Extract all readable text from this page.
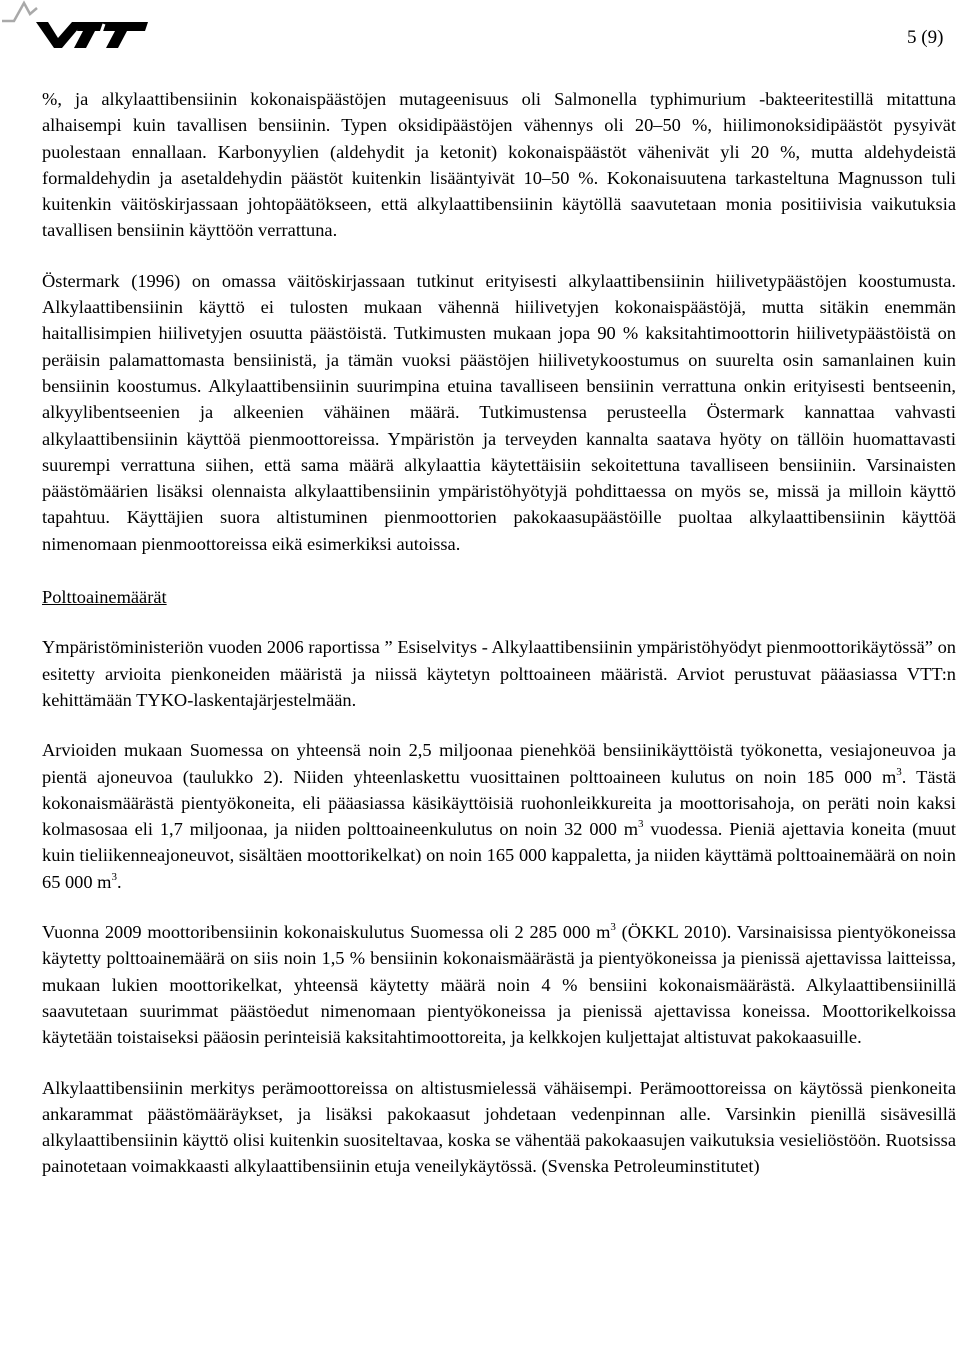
5 (9)

%, ja alkylaattibensiinin kokonaispäästöjen mutageenisuus oli Salmonella typhimurium -bakteeritestillä mitattuna alhaisempi kuin tavallisen bensiinin. Typen oksidipäästöjen vähennys oli 20–50 %, hiilimonoksidipäästöt pysyivät puolestaan ennallaan. Karbonyylien (aldehydit ja ketonit) kokonaispäästöt vähenivät yli 20 %, mutta aldehydeistä formaldehydin ja asetaldehydin päästöt kuitenkin lisääntyivät 10–50 %. Kokonaisuutena tarkasteltuna Magnusson tuli kuitenkin väitöskirjassaan johtopäätökseen, että alkylaattibensiinin käytöllä saavutetaan monia positiivisia vaikutuksia tavallisen bensiinin käyttöön verrattuna.

Östermark (1996) on omassa väitöskirjassaan tutkinut erityisesti alkylaattibensiinin hiilivetypäästöjen koostumusta. Alkylaattibensiinin käyttö ei tulosten mukaan vähennä hiilivetyjen kokonaispäästöjä, mutta sitäkin enemmän haitallisimpien hiilivetyjen osuutta päästöistä. Tutkimusten mukaan jopa 90 % kaksitahtimoottorin hiilivetypäästöistä on peräisin palamattomasta bensiinistä, ja tämän vuoksi päästöjen hiilivetykoostumus on suurelta osin samanlainen kuin bensiinin koostumus. Alkylaattibensiinin suurimpina etuina tavalliseen bensiinin verrattuna onkin erityisesti bentseenin, alkyylibentseenien ja alkeenien vähäinen määrä. Tutkimustensa perusteella Östermark kannattaa vahvasti alkylaattibensiinin käyttöä pienmoottoreissa. Ympäristön ja terveyden kannalta saatava hyöty on tällöin huomattavasti suurempi verrattuna siihen, että sama määrä alkylaattia käytettäisiin sekoitettuna tavalliseen bensiiniin. Varsinaisten päästömäärien lisäksi olennaista alkylaattibensiinin ympäristöhyötyjä pohdittaessa on myös se, missä ja milloin käyttö tapahtuu. Käyttäjien suora altistuminen pienmoottorien pakokaasupäästöille puoltaa alkylaattibensiinin käyttöä nimenomaan pienmoottoreissa eikä esimerkiksi autoissa.

Polttoainemäärät

Ympäristöministeriön vuoden 2006 raportissa ” Esiselvitys - Alkylaattibensiinin ympäristöhyödyt pienmoottorikäytössä” on esitetty arvioita pienkoneiden määristä ja niissä käytetyn polttoaineen määristä. Arviot perustuvat pääasiassa VTT:n kehittämään TYKO-laskentajärjestelmään.

Arvioiden mukaan Suomessa on yhteensä noin 2,5 miljoonaa pienehköä bensiinikäyttöistä työkonetta, vesiajoneuvoa ja pientä ajoneuvoa (taulukko 2). Niiden yhteenlaskettu vuosittainen polttoaineen kulutus on noin 185 000 $m^3$. Tästä kokonaismäärästä pientyökoneita, eli pääasiassa käsikäyttöisiä ruohonleikkureita ja moottorisahoja, on peräti noin kaksi kolmasosaa eli 1,7 miljoonaa, ja niiden polttoaineenkulutus on noin 32 000 $m^3$ vuodessa. Pieniä ajettavia koneita (muut kuin tieliikenneajoneuvot, sisältäen moottorikelkat) on noin 165 000 kappaletta, ja niiden käyttämä polttoainemäärä on noin 65 000 $m^3$.

Vuonna 2009 moottoribensiinin kokonaiskulutus Suomessa oli 2 285 000 $m^3$ (ÖKKL 2010). Varsinaisissa pientyökoneissa käytetty polttoainemäärä on siis noin 1,5 % bensiinin kokonaismäärästä ja pientyökoneissa ja pienissä ajettavissa laitteissa, mukaan lukien moottorikelkat, yhteensä käytetty määrä noin 4 % bensiini kokonaismäärästä. Alkylaattibensiinillä saavutetaan suurimmat päästöedut nimenomaan pientyökoneissa ja pienissä ajettavissa koneissa. Moottorikelkoissa käytetään toistaiseksi pääosin perinteisiä kaksitahtimoottoreita, ja kelkkojen kuljettajat altistuvat pakokaasuille.

Alkylaattibensiinin merkitys perämoottoreissa on altistusmielessä vähäisempi. Perämoottoreissa on käytössä pienkoneita ankarammat päästömääräykset, ja lisäksi pakokaasut johdetaan vedenpinnan alle. Varsinkin pienillä sisävesillä alkylaattibensiinin käyttö olisi kuitenkin suositeltavaa, koska se vähentää pakokaasujen vaikutuksia vesieliöstöön. Ruotsissa painotetaan voimakkaasti alkylaattibensiinin etuja veneilykäytössä. (Svenska Petroleuminstitutet)
